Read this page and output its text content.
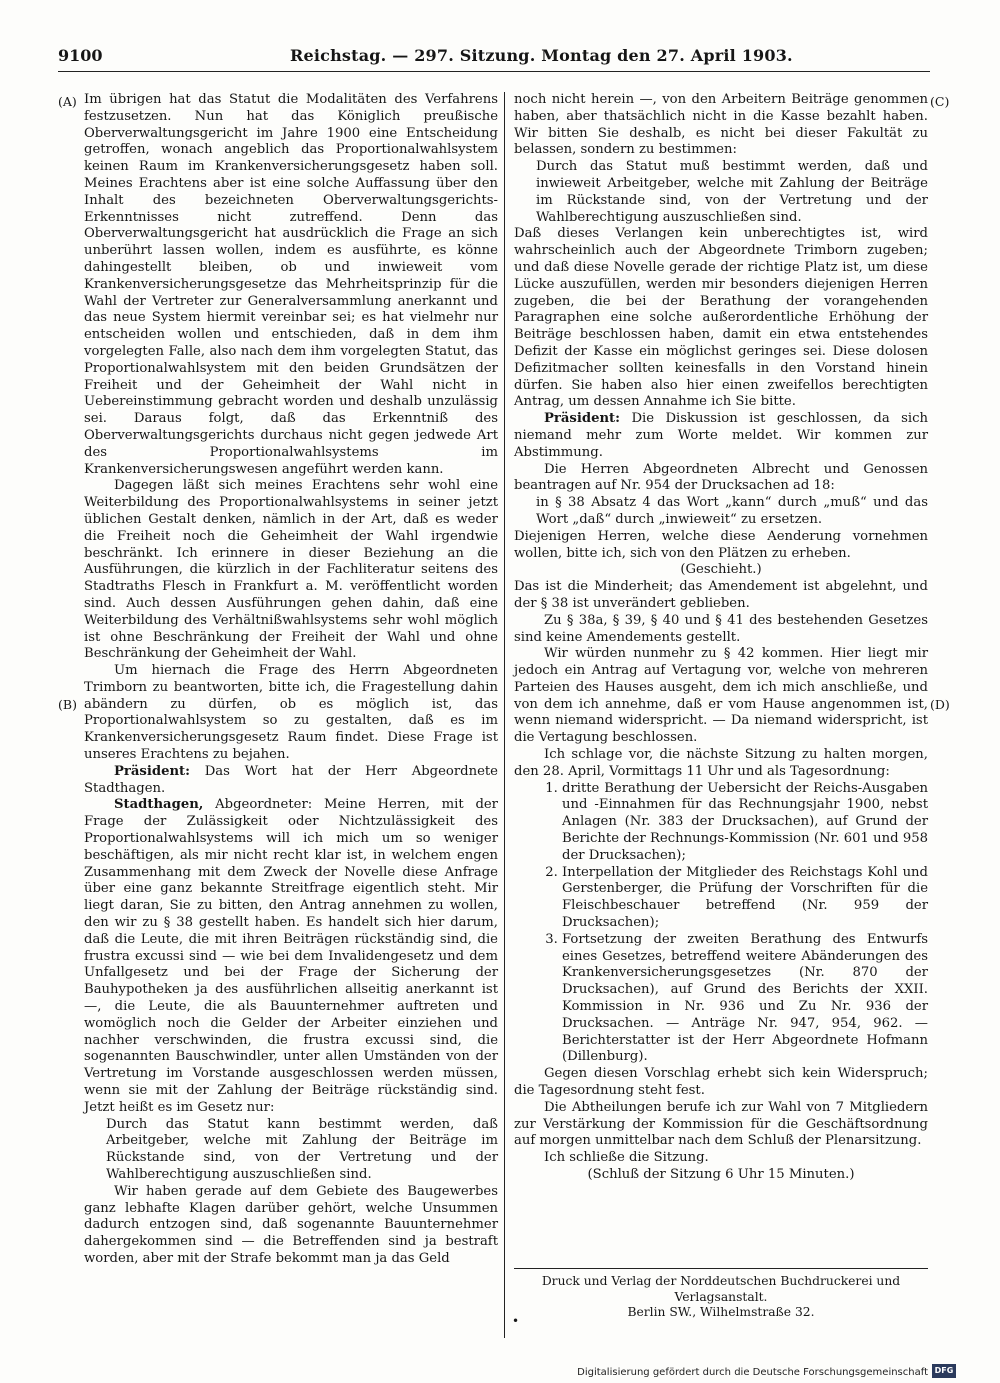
9100	Reichstag. — 297. Sitzung. Montag den 27. April 1903.
(A)
(B)
(C)
(D)

Im übrigen hat das Statut die Modalitäten des Verfahrens festzusetzen. Nun hat das Königlich preußische Oberverwaltungsgericht im Jahre 1900 eine Entscheidung getroffen, wonach angeblich das Proportionalwahlsystem keinen Raum im Krankenversicherungsgesetz haben soll. Meines Erachtens aber ist eine solche Auffassung über den Inhalt des bezeichneten Oberverwaltungsgerichts-Erkenntnisses nicht zutreffend. Denn das Oberverwaltungsgericht hat ausdrücklich die Frage an sich unberührt lassen wollen, indem es ausführte, es könne dahingestellt bleiben, ob und inwieweit vom Krankenversicherungsgesetze das Mehrheitsprinzip für die Wahl der Vertreter zur Generalversammlung anerkannt und das neue System hiermit vereinbar sei; es hat vielmehr nur entscheiden wollen und entschieden, daß in dem ihm vorgelegten Falle, also nach dem ihm vorgelegten Statut, das Proportionalwahlsystem mit den beiden Grundsätzen der Freiheit und der Geheimheit der Wahl nicht in Uebereinstimmung gebracht worden und deshalb unzulässig sei. Daraus folgt, daß das Erkenntniß des Oberverwaltungsgerichts durchaus nicht gegen jedwede Art des Proportionalwahlsystems im Krankenversicherungswesen angeführt werden kann.

Dagegen läßt sich meines Erachtens sehr wohl eine Weiterbildung des Proportionalwahlsystems in seiner jetzt üblichen Gestalt denken, nämlich in der Art, daß es weder die Freiheit noch die Geheimheit der Wahl irgendwie beschränkt. Ich erinnere in dieser Beziehung an die Ausführungen, die kürzlich in der Fachliteratur seitens des Stadtraths Flesch in Frankfurt a. M. veröffentlicht worden sind. Auch dessen Ausführungen gehen dahin, daß eine Weiterbildung des Verhältnißwahlsystems sehr wohl möglich ist ohne Beschränkung der Freiheit der Wahl und ohne Beschränkung der Geheimheit der Wahl.

Um hiernach die Frage des Herrn Abgeordneten Trimborn zu beantworten, bitte ich, die Fragestellung dahin abändern zu dürfen, ob es möglich ist, das Proportionalwahlsystem so zu gestalten, daß es im Krankenversicherungsgesetz Raum findet. Diese Frage ist unseres Erachtens zu bejahen.

Präsident: Das Wort hat der Herr Abgeordnete Stadthagen.

Stadthagen, Abgeordneter: Meine Herren, mit der Frage der Zulässigkeit oder Nichtzulässigkeit des Proportionalwahlsystems will ich mich um so weniger beschäftigen, als mir nicht recht klar ist, in welchem engen Zusammenhang mit dem Zweck der Novelle diese Anfrage über eine ganz bekannte Streitfrage eigentlich steht. Mir liegt daran, Sie zu bitten, den Antrag annehmen zu wollen, den wir zu § 38 gestellt haben. Es handelt sich hier darum, daß die Leute, die mit ihren Beiträgen rückständig sind, die frustra excussi sind — wie bei dem Invalidengesetz und dem Unfallgesetz und bei der Frage der Sicherung der Bauhypotheken ja des ausführlichen allseitig anerkannt ist —, die Leute, die als Bauunternehmer auftreten und womöglich noch die Gelder der Arbeiter einziehen und nachher verschwinden, die frustra excussi sind, die sogenannten Bauschwindler, unter allen Umständen von der Vertretung im Vorstande ausgeschlossen werden müssen, wenn sie mit der Zahlung der Beiträge rückständig sind. Jetzt heißt es im Gesetz nur:

Durch das Statut kann bestimmt werden, daß Arbeitgeber, welche mit Zahlung der Beiträge im Rückstande sind, von der Vertretung und der Wahlberechtigung auszuschließen sind.

Wir haben gerade auf dem Gebiete des Baugewerbes ganz lebhafte Klagen darüber gehört, welche Unsummen dadurch entzogen sind, daß sogenannte Bauunternehmer dahergekommen sind — die Betreffenden sind ja bestraft worden, aber mit der Strafe bekommt man ja das Geld

noch nicht herein —, von den Arbeitern Beiträge genommen haben, aber thatsächlich nicht in die Kasse bezahlt haben. Wir bitten Sie deshalb, es nicht bei dieser Fakultät zu belassen, sondern zu bestimmen:

Durch das Statut muß bestimmt werden, daß und inwieweit Arbeitgeber, welche mit Zahlung der Beiträge im Rückstande sind, von der Vertretung und der Wahlberechtigung auszuschließen sind.

Daß dieses Verlangen kein unberechtigtes ist, wird wahrscheinlich auch der Abgeordnete Trimborn zugeben; und daß diese Novelle gerade der richtige Platz ist, um diese Lücke auszufüllen, werden mir besonders diejenigen Herren zugeben, die bei der Berathung der vorangehenden Paragraphen eine solche außerordentliche Erhöhung der Beiträge beschlossen haben, damit ein etwa entstehendes Defizit der Kasse ein möglichst geringes sei. Diese dolosen Defizitmacher sollten keinesfalls in den Vorstand hinein dürfen. Sie haben also hier einen zweifellos berechtigten Antrag, um dessen Annahme ich Sie bitte.

Präsident: Die Diskussion ist geschlossen, da sich niemand mehr zum Worte meldet. Wir kommen zur Abstimmung.

Die Herren Abgeordneten Albrecht und Genossen beantragen auf Nr. 954 der Drucksachen ad 18:

in § 38 Absatz 4 das Wort „kann“ durch „muß“ und das Wort „daß“ durch „inwieweit“ zu ersetzen.

Diejenigen Herren, welche diese Aenderung vornehmen wollen, bitte ich, sich von den Plätzen zu erheben.

(Geschieht.)

Das ist die Minderheit; das Amendement ist abgelehnt, und der § 38 ist unverändert geblieben.

Zu § 38a, § 39, § 40 und § 41 des bestehenden Gesetzes sind keine Amendements gestellt.

Wir würden nunmehr zu § 42 kommen. Hier liegt mir jedoch ein Antrag auf Vertagung vor, welche von mehreren Parteien des Hauses ausgeht, dem ich mich anschließe, und von dem ich annehme, daß er vom Hause angenommen ist, wenn niemand widerspricht. — Da niemand widerspricht, ist die Vertagung beschlossen.

Ich schlage vor, die nächste Sitzung zu halten morgen, den 28. April, Vormittags 11 Uhr und als Tagesordnung:

1. dritte Berathung der Uebersicht der Reichs-Ausgaben und -Einnahmen für das Rechnungsjahr 1900, nebst Anlagen (Nr. 383 der Drucksachen), auf Grund der Berichte der Rechnungs-Kommission (Nr. 601 und 958 der Drucksachen);
2. Interpellation der Mitglieder des Reichstags Kohl und Gerstenberger, die Prüfung der Vorschriften für die Fleischbeschauer betreffend (Nr. 959 der Drucksachen);
3. Fortsetzung der zweiten Berathung des Entwurfs eines Gesetzes, betreffend weitere Abänderungen des Krankenversicherungsgesetzes (Nr. 870 der Drucksachen), auf Grund des Berichts der XXII. Kommission in Nr. 936 und Zu Nr. 936 der Drucksachen. — Anträge Nr. 947, 954, 962. — Berichterstatter ist der Herr Abgeordnete Hofmann (Dillenburg).

Gegen diesen Vorschlag erhebt sich kein Widerspruch; die Tagesordnung steht fest.

Die Abtheilungen berufe ich zur Wahl von 7 Mitgliedern zur Verstärkung der Kommission für die Geschäftsordnung auf morgen unmittelbar nach dem Schluß der Plenarsitzung.

Ich schließe die Sitzung.

(Schluß der Sitzung 6 Uhr 15 Minuten.)

Druck und Verlag der Norddeutschen Buchdruckerei und Verlagsanstalt.
Berlin SW., Wilhelmstraße 32.
•
Digitalisierung gefördert durch die Deutsche Forschungsgemeinschaft DFG
